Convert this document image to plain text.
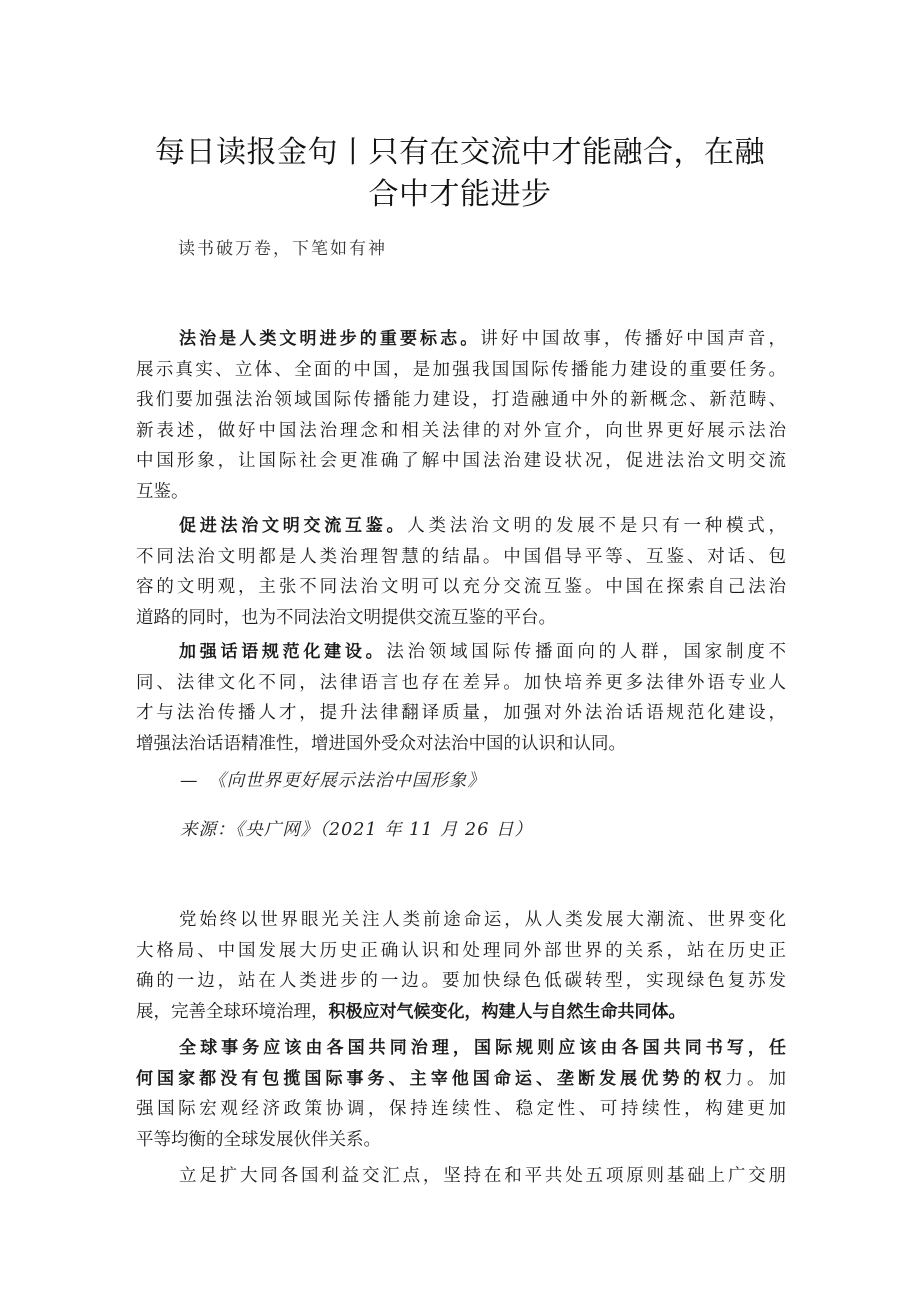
每日读报金句丨只有在交流中才能融合，在融
合中才能进步
读书破万卷，下笔如有神
法治是人类文明进步的重要标志。讲好中国故事，传播好中国声音，
展示真实、立体、全面的中国，是加强我国国际传播能力建设的重要任务。
我们要加强法治领域国际传播能力建设，打造融通中外的新概念、新范畴、
新表述，做好中国法治理念和相关法律的对外宣介，向世界更好展示法治
中国形象，让国际社会更准确了解中国法治建设状况，促进法治文明交流
互鉴。
促进法治文明交流互鉴。人类法治文明的发展不是只有一种模式，
不同法治文明都是人类治理智慧的结晶。中国倡导平等、互鉴、对话、包
容的文明观，主张不同法治文明可以充分交流互鉴。中国在探索自己法治
道路的同时，也为不同法治文明提供交流互鉴的平台。
加强话语规范化建设。法治领域国际传播面向的人群，国家制度不
同、法律文化不同，法律语言也存在差异。加快培养更多法律外语专业人
才与法治传播人才，提升法律翻译质量，加强对外法治话语规范化建设，
增强法治话语精准性，增进国外受众对法治中国的认识和认同。
—　《向世界更好展示法治中国形象》
来源：《央广网》（2021 年 11 月 26 日）
党始终以世界眼光关注人类前途命运，从人类发展大潮流、世界变化
大格局、中国发展大历史正确认识和处理同外部世界的关系，站在历史正
确的一边，站在人类进步的一边。要加快绿色低碳转型，实现绿色复苏发
展，完善全球环境治理，积极应对气候变化，构建人与自然生命共同体。
全球事务应该由各国共同治理，国际规则应该由各国共同书写，任
何国家都没有包揽国际事务、主宰他国命运、垄断发展优势的权力。加
强国际宏观经济政策协调，保持连续性、稳定性、可持续性，构建更加
平等均衡的全球发展伙伴关系。
立足扩大同各国利益交汇点，坚持在和平共处五项原则基础上广交朋
